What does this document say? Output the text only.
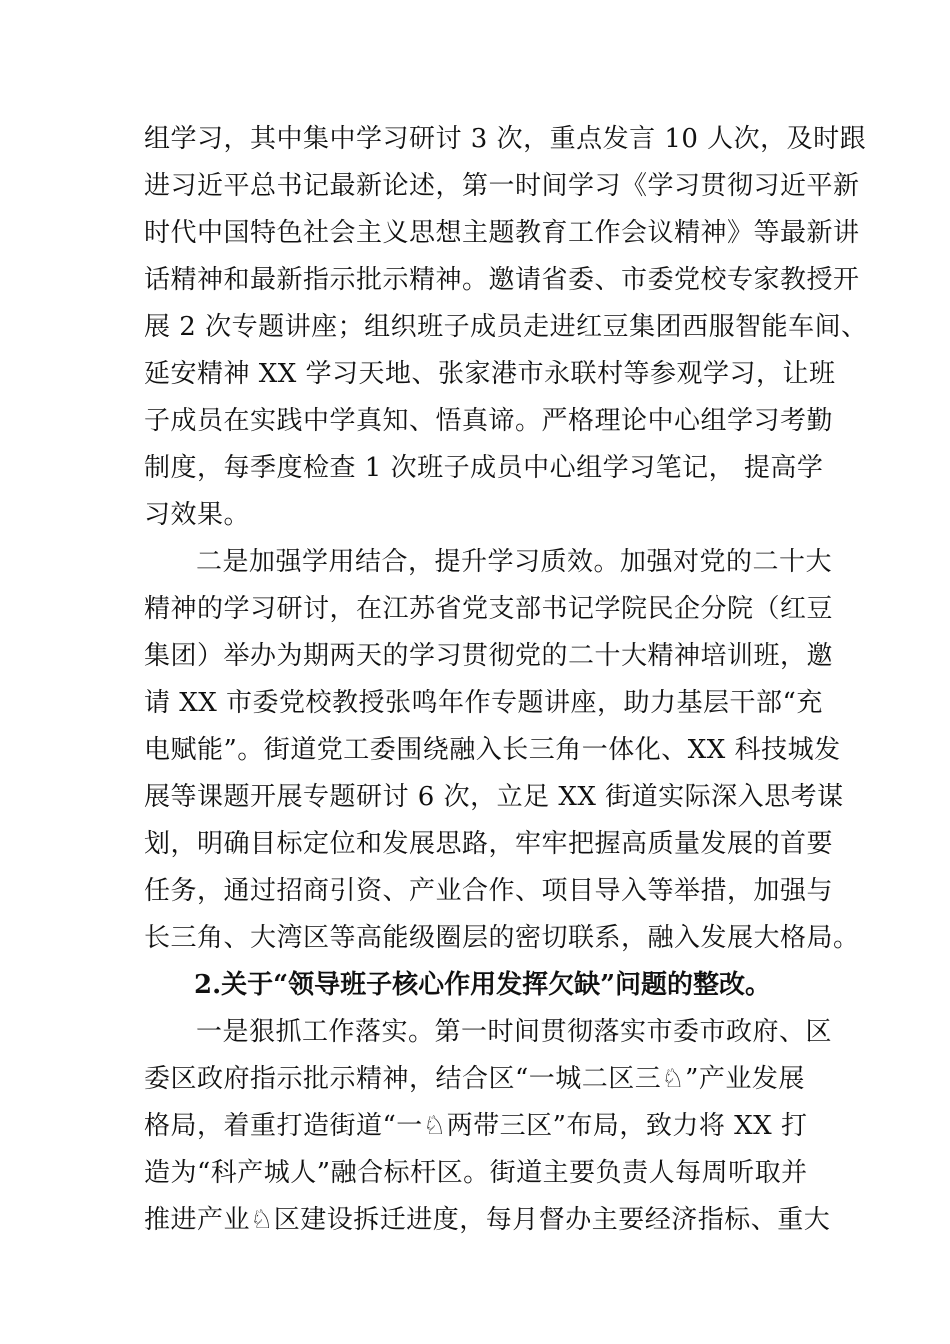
组学习，其中集中学习研讨 3 次，重点发言 10 人次，及时跟
进习近平总书记最新论述，第一时间学习《学习贯彻习近平新
时代中国特色社会主义思想主题教育工作会议精神》等最新讲
话精神和最新指示批示精神。邀请省委、市委党校专家教授开
展 2 次专题讲座；组织班子成员走进红豆集团西服智能车间、
延安精神 XX 学习天地、张家港市永联村等参观学习，让班
子成员在实践中学真知、悟真谛。严格理论中心组学习考勤
制度，每季度检查 1 次班子成员中心组学习笔记， 提高学
习效果。
二是加强学用结合，提升学习质效。加强对党的二十大
精神的学习研讨，在江苏省党支部书记学院民企分院（红豆
集团）举办为期两天的学习贯彻党的二十大精神培训班，邀
请 XX 市委党校教授张鸣年作专题讲座，助力基层干部“充
电赋能”。街道党工委围绕融入长三角一体化、XX 科技城发
展等课题开展专题研讨 6 次，立足 XX 街道实际深入思考谋
划，明确目标定位和发展思路，牢牢把握高质量发展的首要
任务，通过招商引资、产业合作、项目导入等举措，加强与
长三角、大湾区等高能级圈层的密切联系，融入发展大格局。
2.关于“领导班子核心作用发挥欠缺”问题的整改。
一是狠抓工作落实。第一时间贯彻落实市委市政府、区
委区政府指示批示精神，结合区“一城二区三♘”产业发展
格局，着重打造街道“一♘两带三区”布局，致力将 XX 打
造为“科产城人”融合标杆区。街道主要负责人每周听取并
推进产业♘区建设拆迁进度，每月督办主要经济指标、重大
